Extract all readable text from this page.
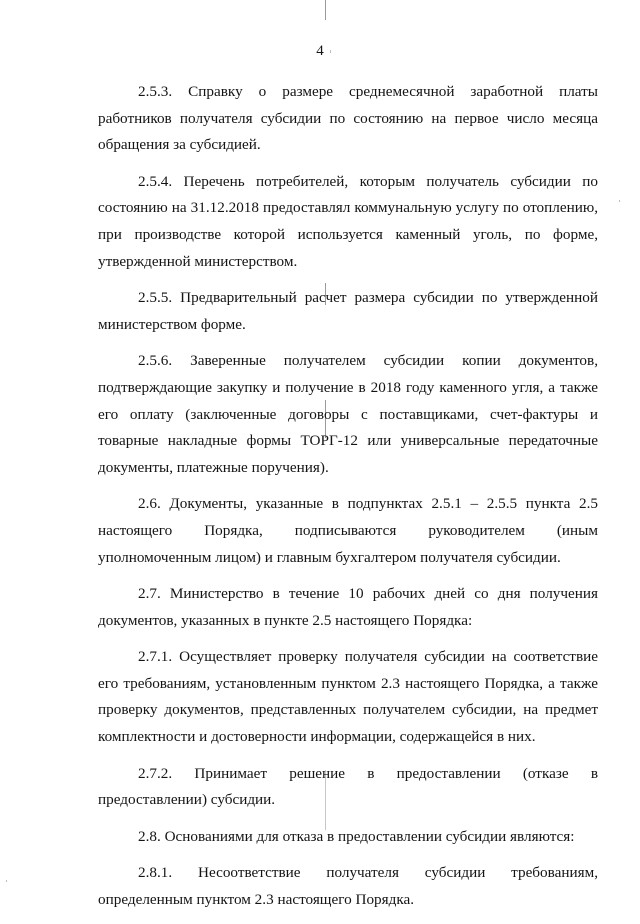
4

2.5.3. Справку о размере среднемесячной заработной платы работников получателя субсидии по состоянию на первое число месяца обращения за субсидией.

2.5.4. Перечень потребителей, которым получатель субсидии по состоянию на 31.12.2018 предоставлял коммунальную услугу по отоплению, при производстве которой используется каменный уголь, по форме, утвержденной министерством.

2.5.5. Предварительный расчет размера субсидии по утвержденной министерством форме.

2.5.6. Заверенные получателем субсидии копии документов, подтверждающие закупку и получение в 2018 году каменного угля, а также его оплату (заключенные договоры с поставщиками, счет-фактуры и товарные накладные формы ТОРГ-12 или универсальные передаточные документы, платежные поручения).

2.6. Документы, указанные в подпунктах 2.5.1 – 2.5.5 пункта 2.5 настоящего Порядка, подписываются руководителем (иным уполномоченным лицом) и главным бухгалтером получателя субсидии.

2.7. Министерство в течение 10 рабочих дней со дня получения документов, указанных в пункте 2.5 настоящего Порядка:

2.7.1. Осуществляет проверку получателя субсидии на соответствие его требованиям, установленным пунктом 2.3 настоящего Порядка, а также проверку документов, представленных получателем субсидии, на предмет комплектности и достоверности информации, содержащейся в них.

2.7.2. Принимает решение в предоставлении (отказе в предоставлении) субсидии.

2.8. Основаниями для отказа в предоставлении субсидии являются:

2.8.1. Несоответствие получателя субсидии требованиям, определенным пунктом 2.3 настоящего Порядка.
